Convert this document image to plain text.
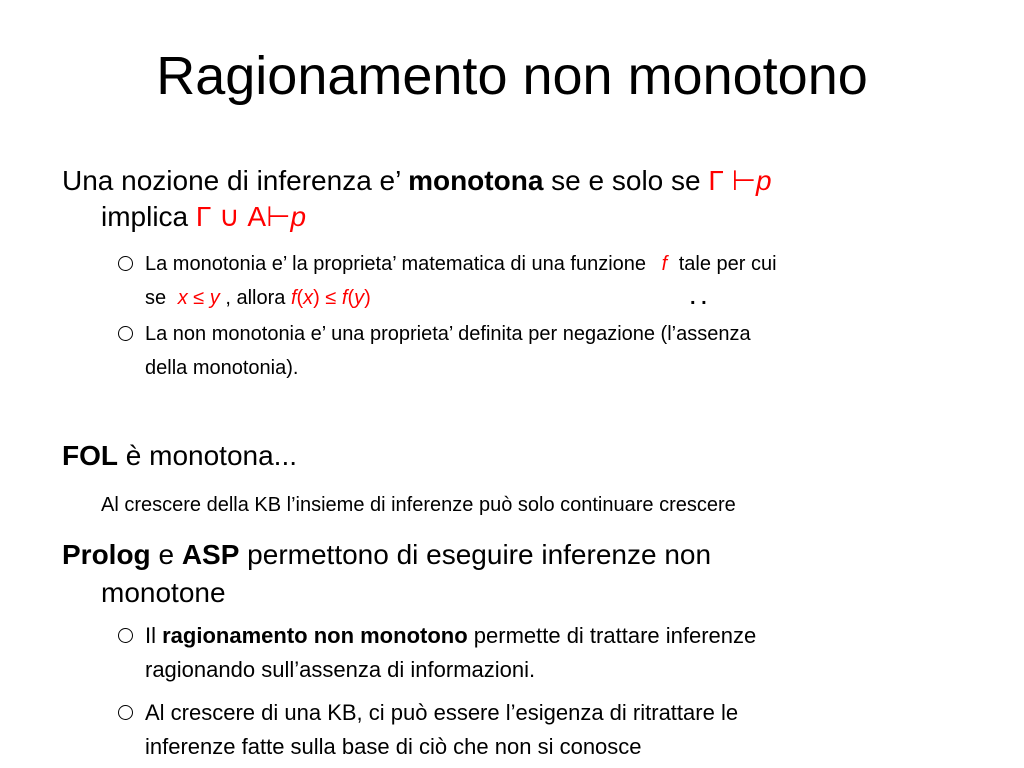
Ragionamento non monotono
Una nozione di inferenza e’ monotona se e solo se Γ ⊢p
implica Γ ∪ A⊢p
La monotonia e’ la proprieta’ matematica di una funzione f tale per cui
se x ≤ y , allora f(x) ≤ f(y)	. .
La non monotonia e’ una proprieta’ definita per negazione (l’assenza
della monotonia).
FOL è monotona...
Al crescere della KB l’insieme di inferenze può solo continuare crescere
Prolog e ASP permettono di eseguire inferenze non
monotone
Il ragionamento non monotono permette di trattare inferenze
ragionando sull’assenza di informazioni.
Al crescere di una KB, ci può essere l’esigenza di ritrattare le
inferenze fatte sulla base di ciò che non si conosce
